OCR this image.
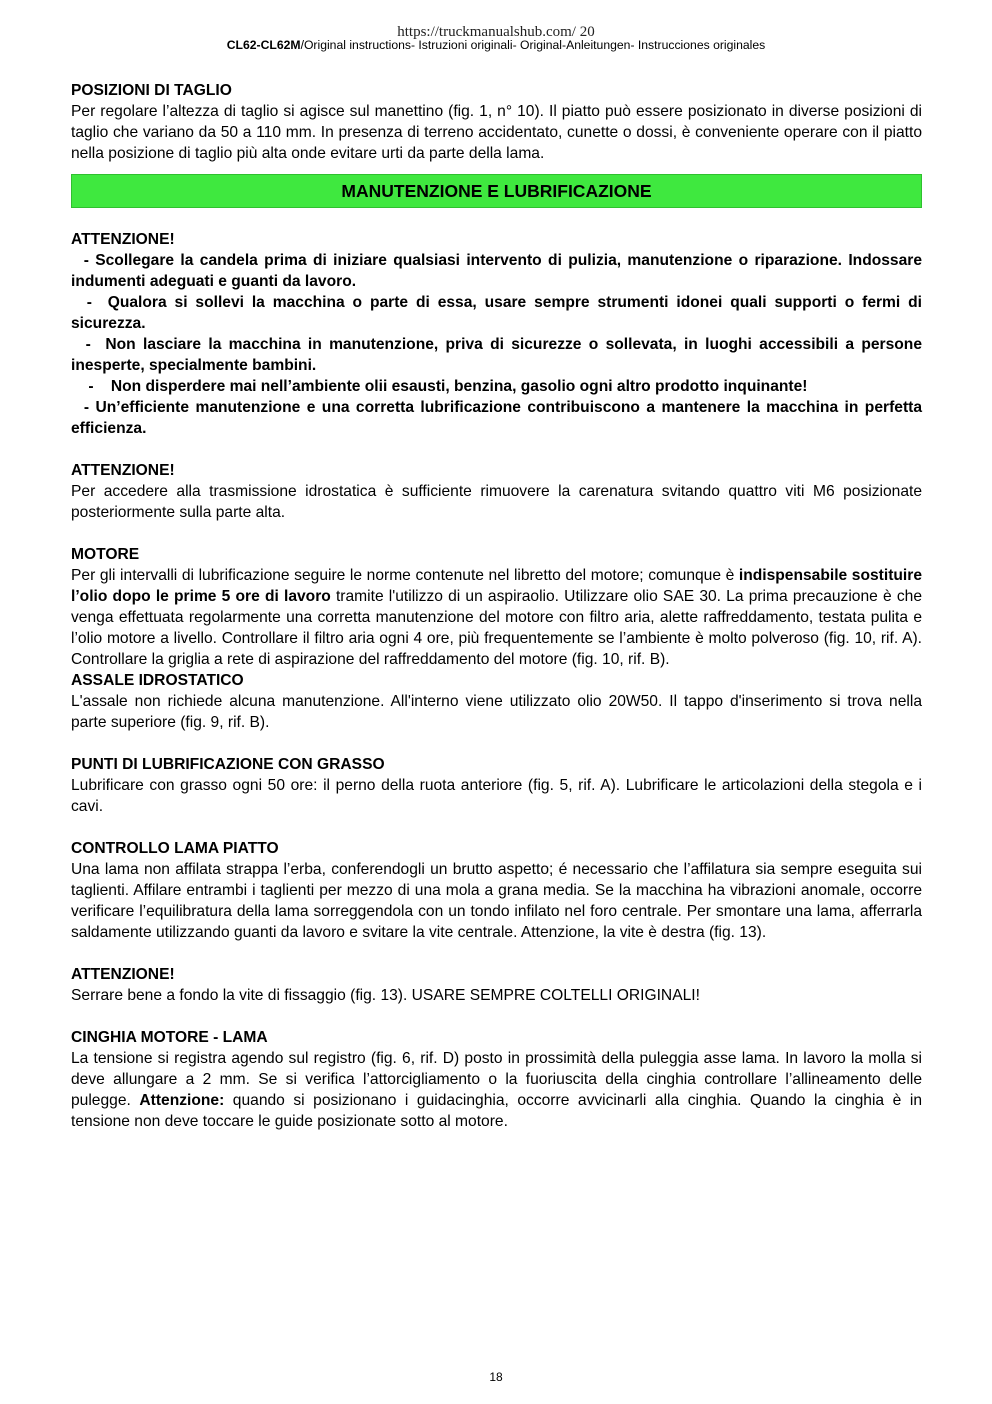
https://truckmanualshub.com/ 20
CL62-CL62M/Original instructions- Istruzioni originali- Original-Anleitungen- Instrucciones originales

POSIZIONI DI TAGLIO

Per regolare l’altezza di taglio si agisce sul manettino (fig. 1, n° 10). Il piatto può essere posizionato in diverse posizioni di taglio che variano da 50 a 110 mm. In presenza di terreno accidentato, cunette o dossi, è conveniente operare con il piatto nella posizione di taglio più alta onde evitare urti da parte della lama.

MANUTENZIONE E LUBRIFICAZIONE

ATTENZIONE!

- Scollegare la candela prima di iniziare qualsiasi intervento di pulizia, manutenzione o riparazione. Indossare indumenti adeguati e guanti da lavoro.

-  Qualora si sollevi la macchina o parte di essa, usare sempre strumenti idonei quali supporti o fermi di sicurezza.

-  Non lasciare la macchina in manutenzione, priva di sicurezze o sollevata, in luoghi accessibili a persone inesperte, specialmente bambini.

-    Non disperdere mai nell’ambiente olii esausti, benzina, gasolio ogni altro prodotto inquinante!

- Un’efficiente manutenzione e una corretta lubrificazione contribuiscono a mantenere la macchina in perfetta efficienza.

ATTENZIONE!

Per accedere alla trasmissione idrostatica è sufficiente rimuovere la carenatura svitando quattro viti M6 posizionate posteriormente sulla parte alta.

MOTORE

Per gli intervalli di lubrificazione seguire le norme contenute nel libretto del motore; comunque è indispensabile sostituire l’olio dopo le prime 5 ore di lavoro tramite l'utilizzo di un aspiraolio. Utilizzare olio SAE 30. La prima precauzione è che venga effettuata regolarmente una corretta manutenzione del motore con filtro aria, alette raffreddamento, testata pulita e l’olio motore a livello. Controllare il filtro aria ogni 4 ore, più frequentemente se l’ambiente è molto polveroso (fig. 10, rif. A). Controllare la griglia a rete di aspirazione del raffreddamento del motore (fig. 10, rif. B).

ASSALE IDROSTATICO

L'assale non richiede alcuna manutenzione. All'interno viene utilizzato olio 20W50. Il tappo d'inserimento si trova nella parte superiore (fig. 9, rif. B).

PUNTI DI LUBRIFICAZIONE CON GRASSO

Lubrificare con grasso ogni 50 ore: il perno della ruota anteriore (fig. 5, rif. A). Lubrificare le articolazioni della stegola e i cavi.

CONTROLLO LAMA PIATTO

Una lama non affilata strappa l’erba, conferendogli un brutto aspetto; é necessario che l’affilatura sia sempre eseguita sui taglienti. Affilare entrambi i taglienti per mezzo di una mola a grana media. Se la macchina ha vibrazioni anomale, occorre verificare l’equilibratura della lama sorreggendola con un tondo infilato nel foro centrale. Per smontare una lama, afferrarla saldamente utilizzando guanti da lavoro e svitare la vite centrale. Attenzione, la vite è destra (fig. 13).

ATTENZIONE!

Serrare bene a fondo la vite di fissaggio (fig. 13). USARE SEMPRE COLTELLI ORIGINALI!

CINGHIA MOTORE - LAMA

La tensione si registra agendo sul registro (fig. 6, rif. D) posto in prossimità della puleggia asse lama. In lavoro la molla si deve allungare a 2 mm. Se si verifica l’attorcigliamento o la fuoriuscita della cinghia controllare l’allineamento delle pulegge. Attenzione: quando si posizionano i guidacinghia, occorre avvicinarli alla cinghia. Quando la cinghia è in tensione non deve toccare le guide posizionate sotto al motore.

18
